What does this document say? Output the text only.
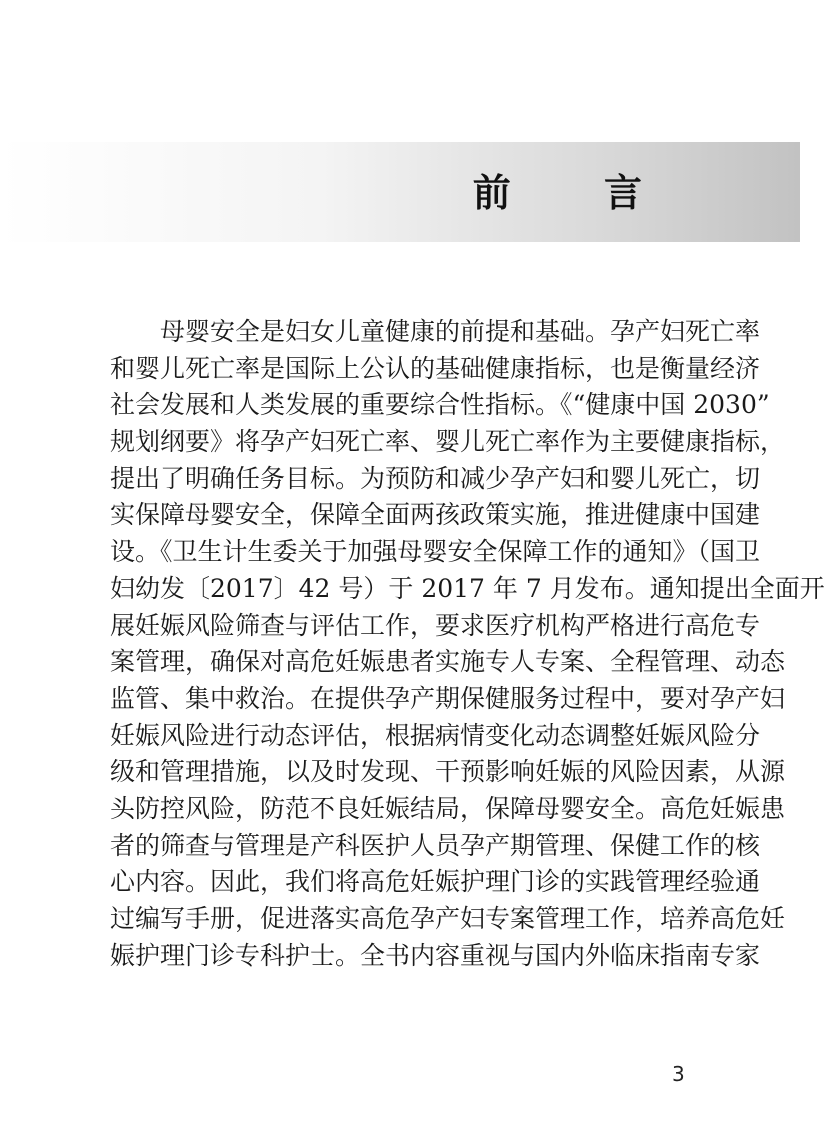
前 言
母婴安全是妇女儿童健康的前提和基础。孕产妇死亡率
和婴儿死亡率是国际上公认的基础健康指标，也是衡量经济
社会发展和人类发展的重要综合性指标。《“健康中国 2030”
规划纲要》将孕产妇死亡率、婴儿死亡率作为主要健康指标，
提出了明确任务目标。为预防和减少孕产妇和婴儿死亡，切
实保障母婴安全，保障全面两孩政策实施，推进健康中国建
设。《卫生计生委关于加强母婴安全保障工作的通知》（国卫
妇幼发〔2017〕42 号）于 2017 年 7 月发布。通知提出全面开
展妊娠风险筛查与评估工作，要求医疗机构严格进行高危专
案管理，确保对高危妊娠患者实施专人专案、全程管理、动态
监管、集中救治。在提供孕产期保健服务过程中，要对孕产妇
妊娠风险进行动态评估，根据病情变化动态调整妊娠风险分
级和管理措施，以及时发现、干预影响妊娠的风险因素，从源
头防控风险，防范不良妊娠结局，保障母婴安全。高危妊娠患
者的筛查与管理是产科医护人员孕产期管理、保健工作的核
心内容。因此，我们将高危妊娠护理门诊的实践管理经验通
过编写手册，促进落实高危孕产妇专案管理工作，培养高危妊
娠护理门诊专科护士。全书内容重视与国内外临床指南专家
3
